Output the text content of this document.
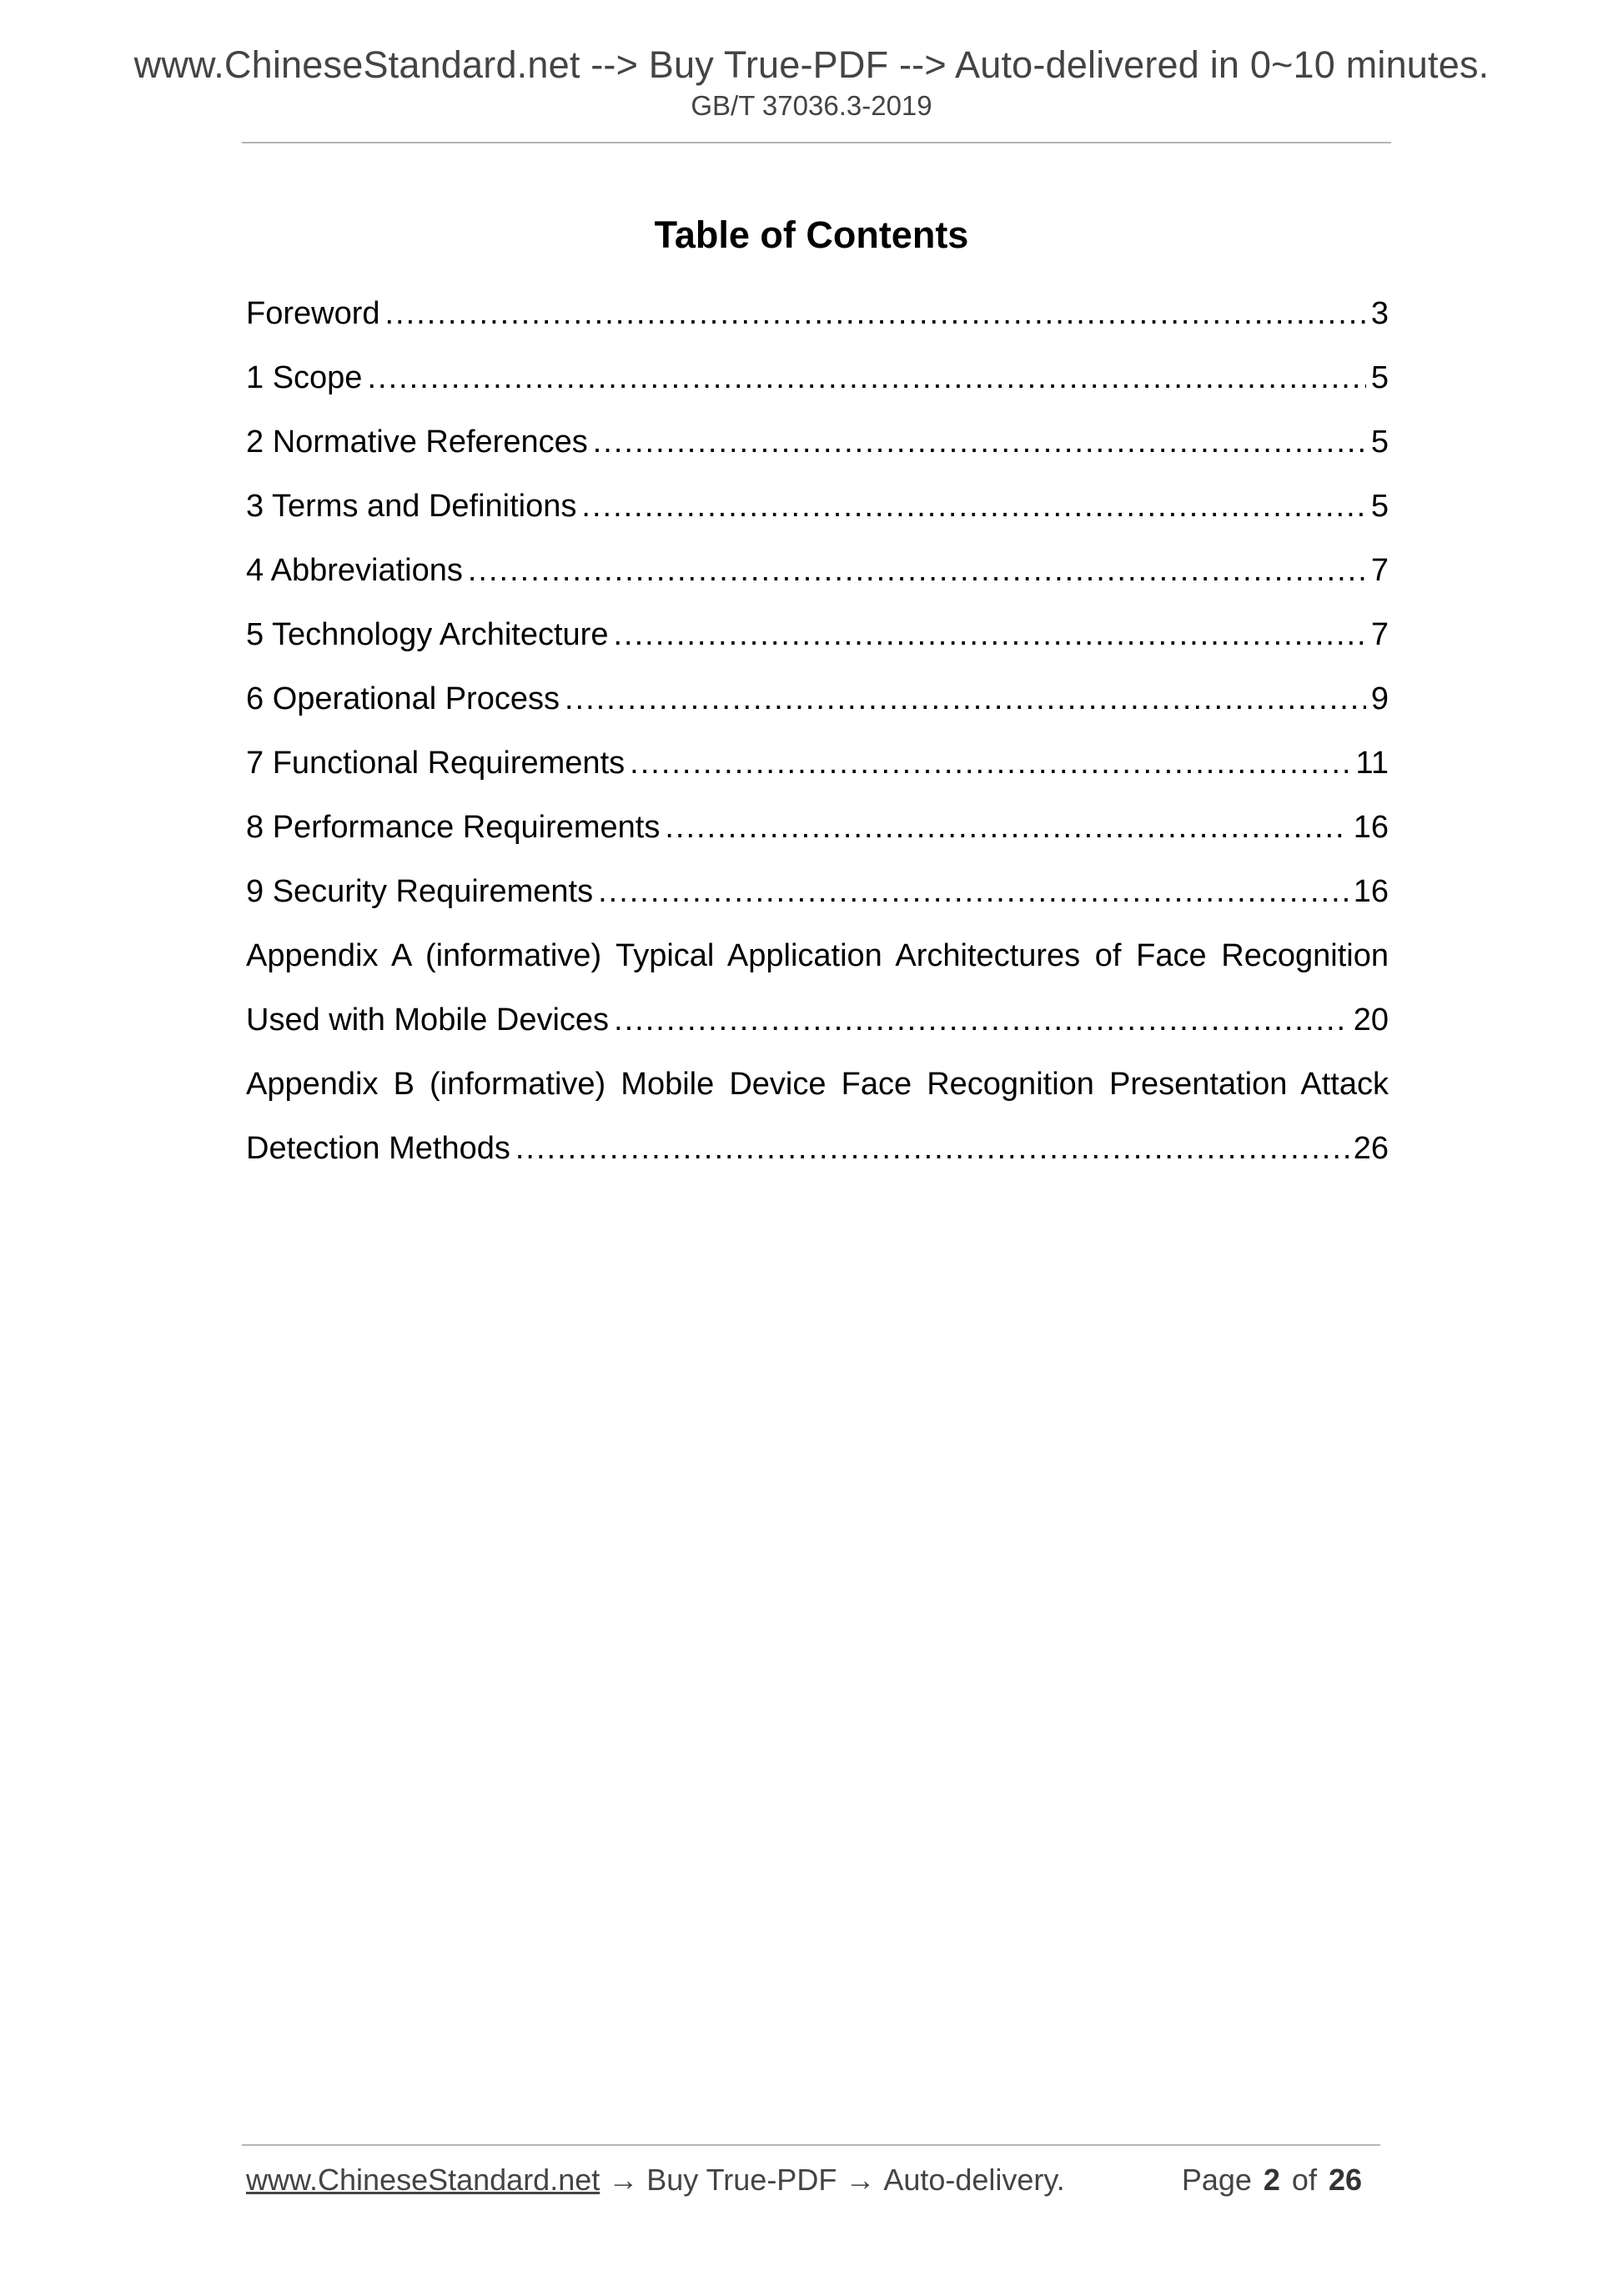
www.ChineseStandard.net --> Buy True-PDF --> Auto-delivered in 0~10 minutes.
GB/T 37036.3-2019
Table of Contents
Foreword .....	3
1 Scope .....	5
2 Normative References .....	5
3 Terms and Definitions .....	5
4 Abbreviations .....	7
5 Technology Architecture .....	7
6 Operational Process .....	9
7 Functional Requirements .....	11
8 Performance Requirements .....	16
9 Security Requirements .....	16
Appendix A (informative) Typical Application Architectures of Face Recognition
Used with Mobile Devices .....	20
Appendix B (informative) Mobile Device Face Recognition Presentation Attack
Detection Methods .....	26
www.ChineseStandard.net → Buy True-PDF → Auto-delivery.	Page 2 of 26
